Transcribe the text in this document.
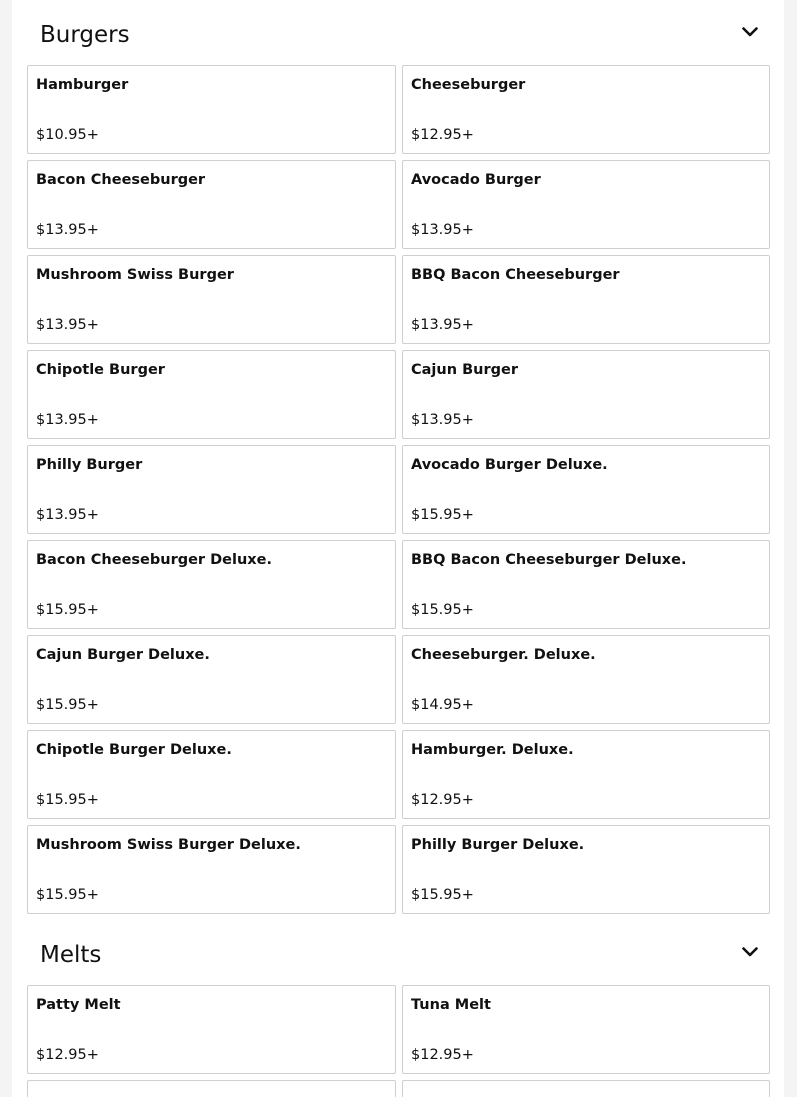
Burgers
Hamburger
$10.95+
Cheeseburger
$12.95+
Bacon Cheeseburger
$13.95+
Avocado Burger
$13.95+
Mushroom Swiss Burger
$13.95+
BBQ Bacon Cheeseburger
$13.95+
Chipotle Burger
$13.95+
Cajun Burger
$13.95+
Philly Burger
$13.95+
Avocado Burger Deluxe.
$15.95+
Bacon Cheeseburger Deluxe.
$15.95+
BBQ Bacon Cheeseburger Deluxe.
$15.95+
Cajun Burger Deluxe.
$15.95+
Cheeseburger. Deluxe.
$14.95+
Chipotle Burger Deluxe.
$15.95+
Hamburger. Deluxe.
$12.95+
Mushroom Swiss Burger Deluxe.
$15.95+
Philly Burger Deluxe.
$15.95+
Melts
Patty Melt
$12.95+
Tuna Melt
$12.95+
